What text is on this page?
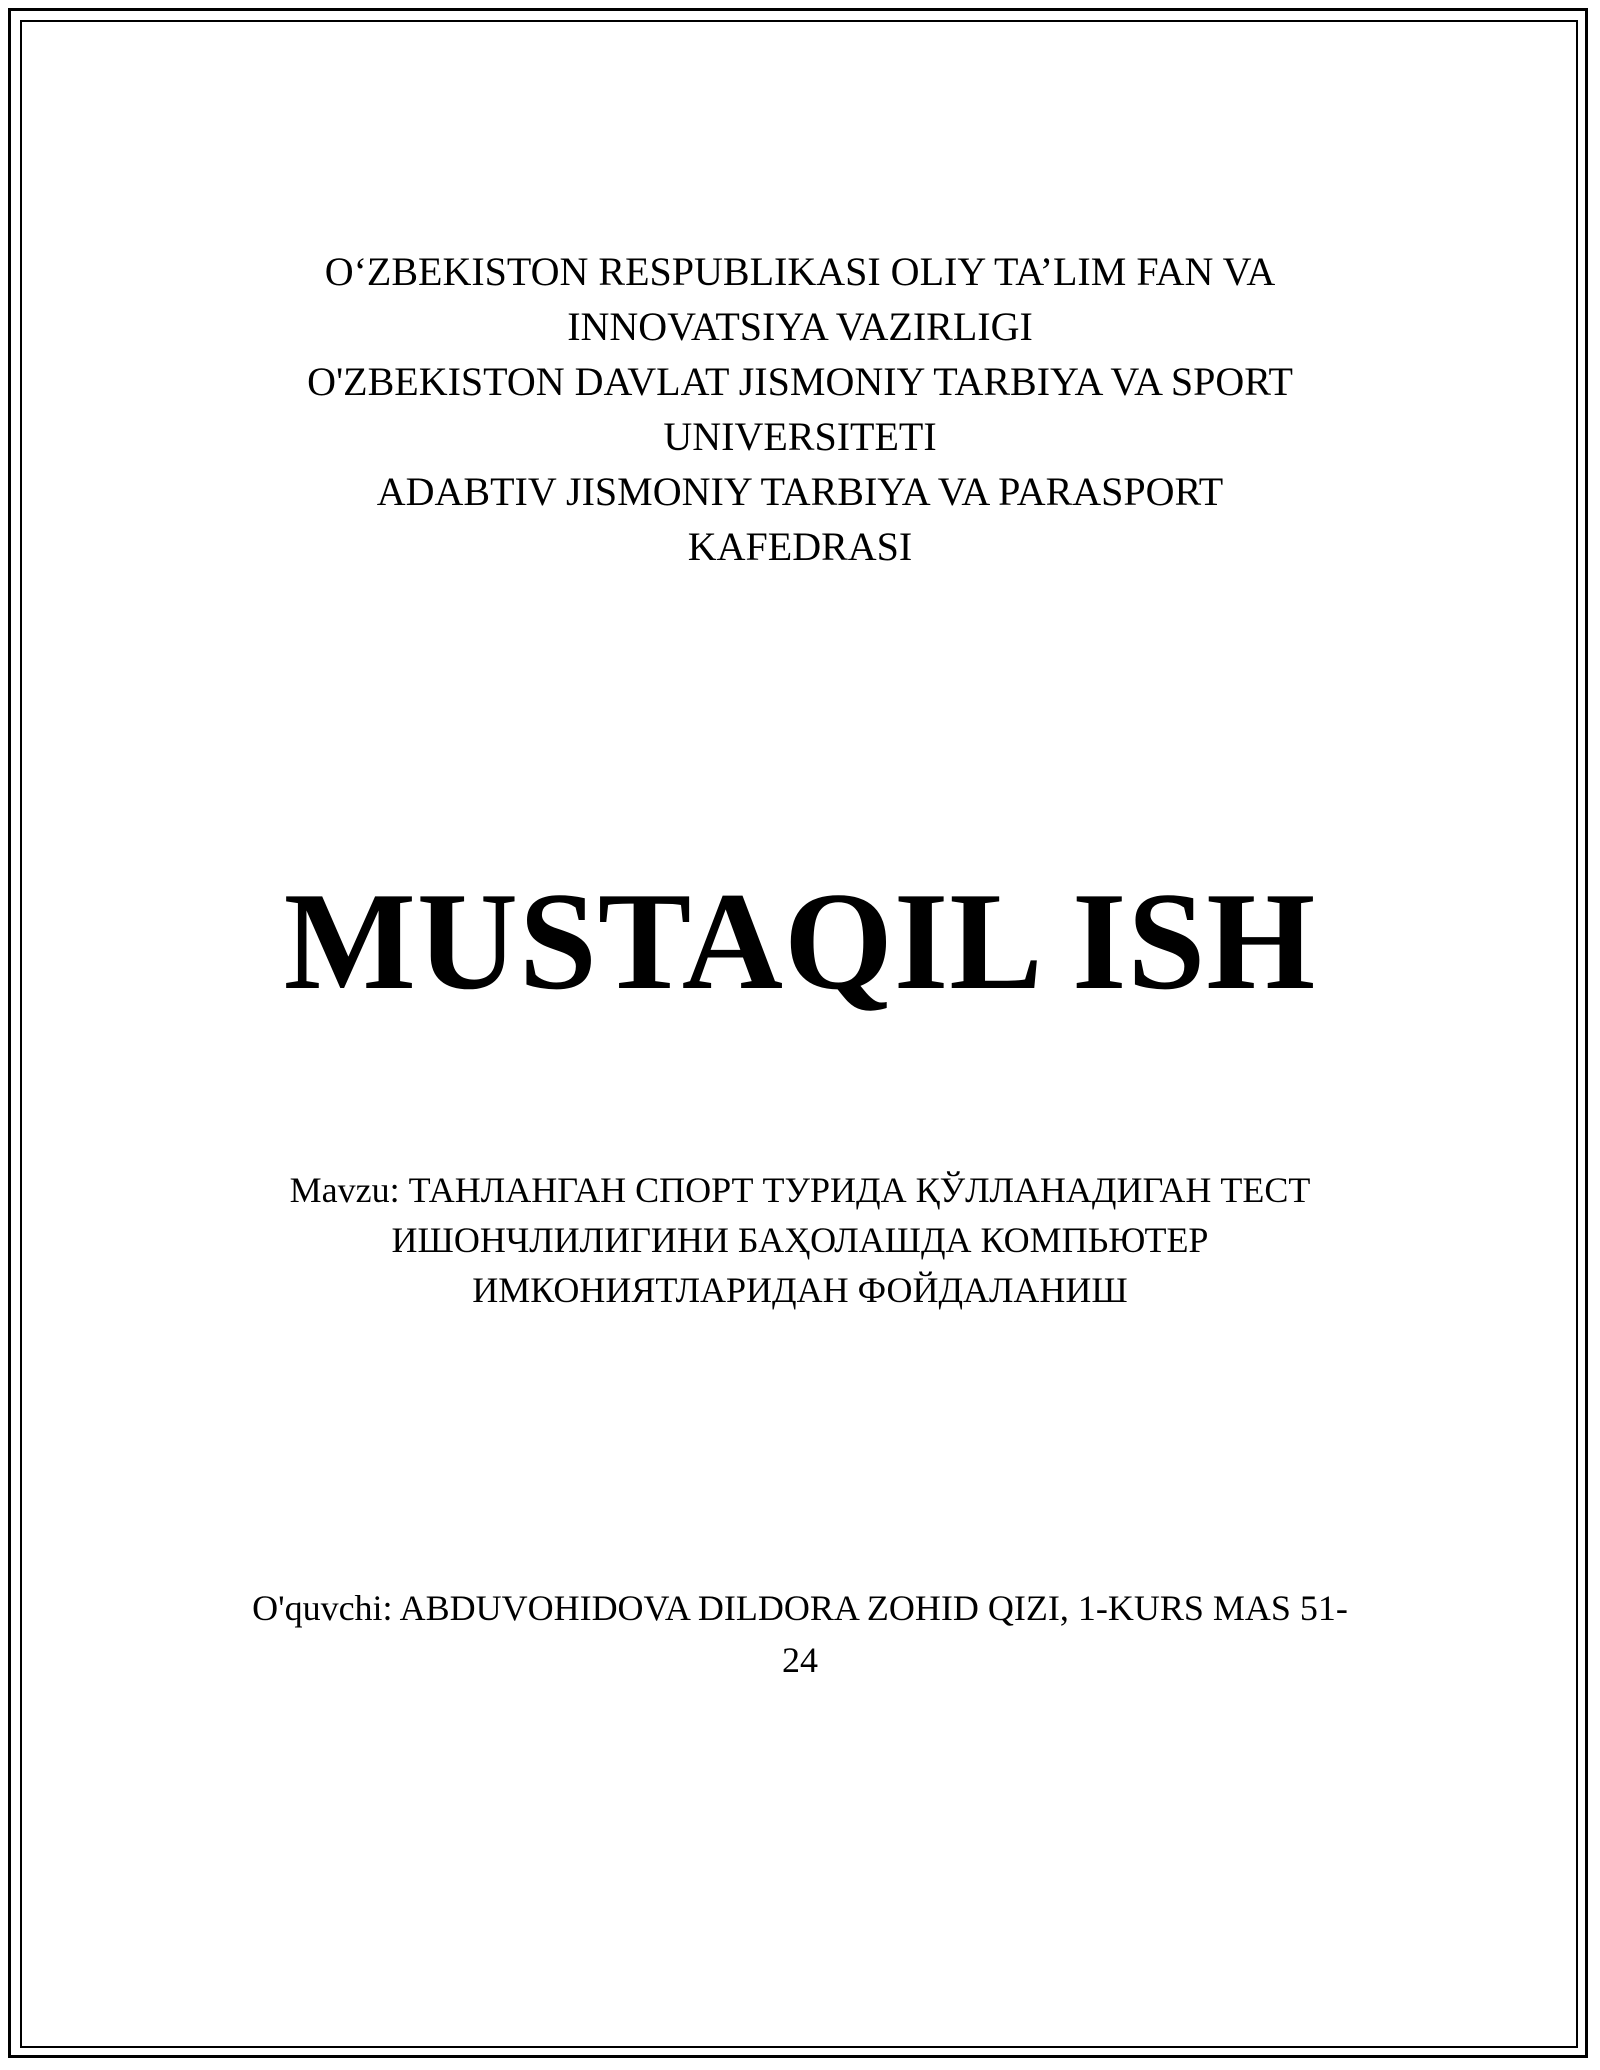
O‘ZBEKISTON RESPUBLIKASI OLIY TA’LIM FAN VA
INNOVATSIYA VAZIRLIGI
O'ZBEKISTON DAVLAT JISMONIY TARBIYA VA SPORT
UNIVERSITETI
ADABTIV JISMONIY TARBIYA VA PARASPORT
KAFEDRASI
MUSTAQIL ISH
Mavzu: ТАНЛАНГАН СПОРТ ТУРИДА ҚЎЛЛАНАДИГАН ТЕСТ
ИШОНЧЛИЛИГИНИ БАҲОЛАШДА КОМПЬЮТЕР
ИМКОНИЯТЛАРИДАН ФОЙДАЛАНИШ
O'quvchi: ABDUVOHIDOVA DILDORA ZOHID QIZI, 1-KURS MAS 51-
24
